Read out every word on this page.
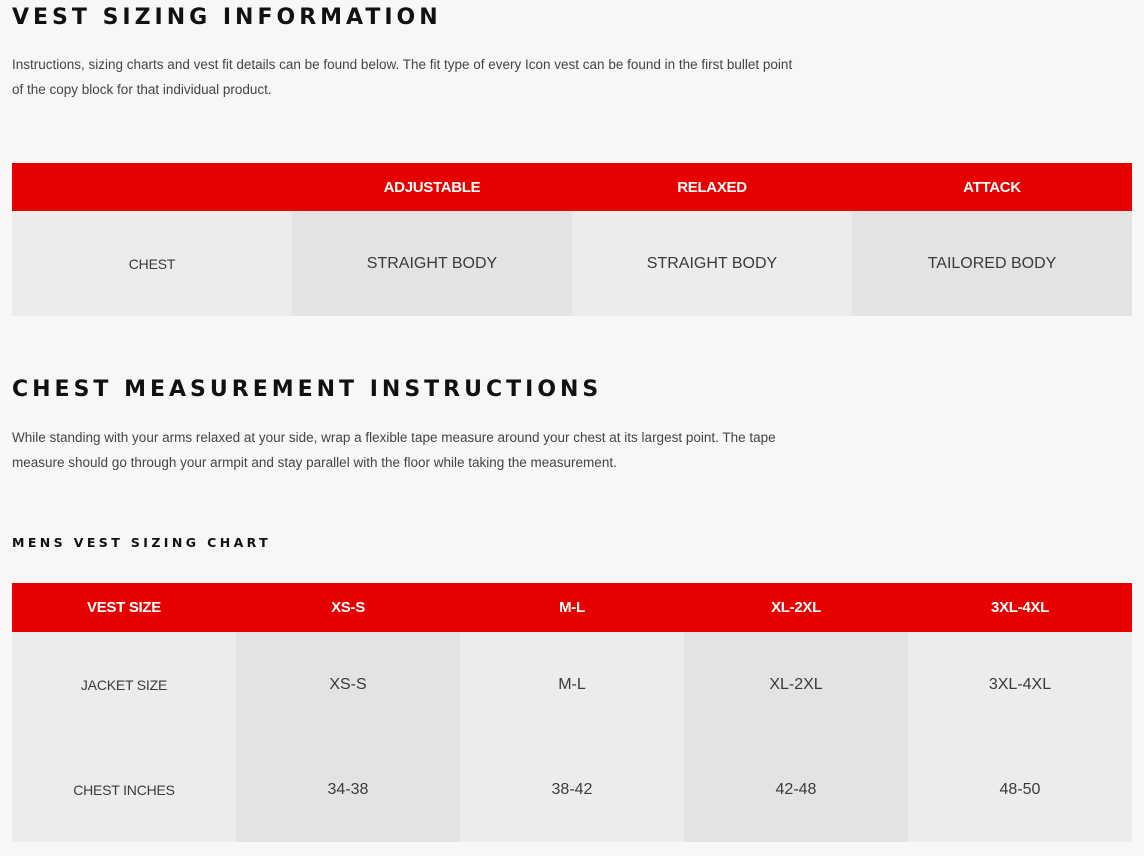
VEST SIZING INFORMATION

Instructions, sizing charts and vest fit details can be found below. The fit type of every Icon vest can be found in the first bullet point of the copy block for that individual product.

	ADJUSTABLE	RELAXED	ATTACK
CHEST	STRAIGHT BODY	STRAIGHT BODY	TAILORED BODY
CHEST MEASUREMENT INSTRUCTIONS

While standing with your arms relaxed at your side, wrap a flexible tape measure around your chest at its largest point. The tape measure should go through your armpit and stay parallel with the floor while taking the measurement.

MENS VEST SIZING CHART
VEST SIZE	XS-S	M-L	XL-2XL	3XL-4XL
JACKET SIZE	XS-S	M-L	XL-2XL	3XL-4XL
CHEST INCHES	34-38	38-42	42-48	48-50
